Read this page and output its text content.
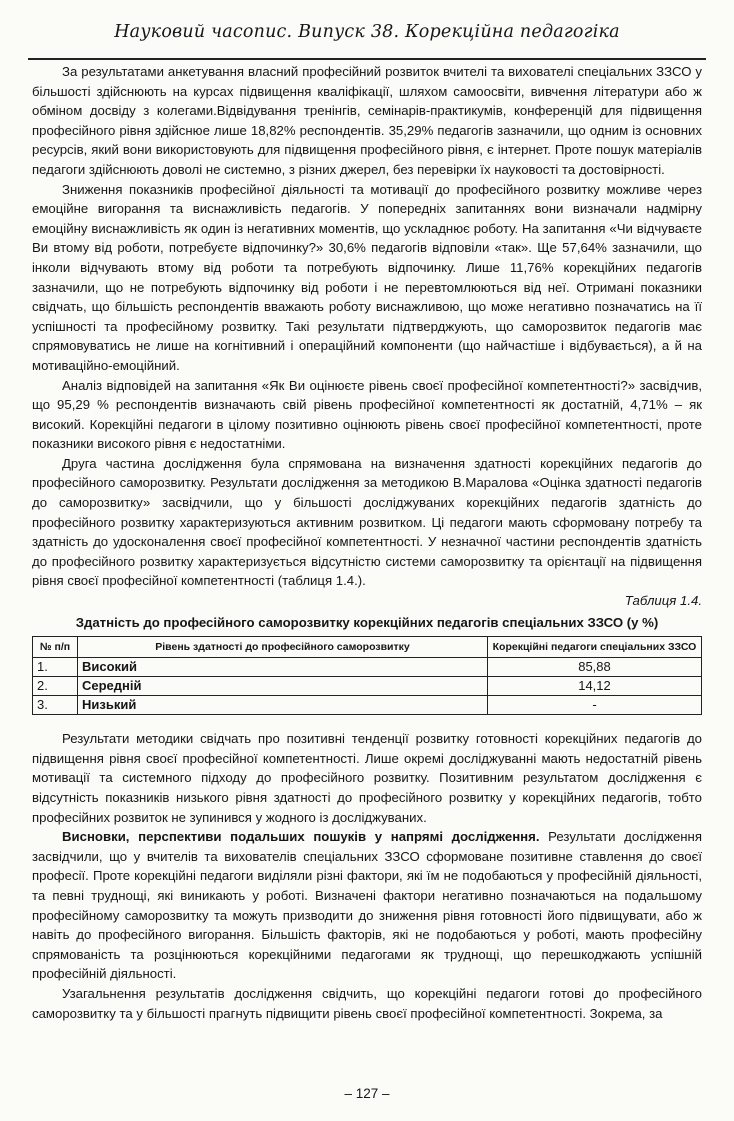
Науковий часопис. Випуск 38. Корекційна педагогіка

За результатами анкетування власний професійний розвиток вчителі та вихователі спеціальних ЗЗСО у більшості здійснюють на курсах підвищення кваліфікації, шляхом самоосвіти, вивчення літератури або ж обміном досвіду з колегами.Відвідування тренінгів, семінарів-практикумів, конференцій для підвищення професійного рівня здійснюе лише 18,82% респондентів. 35,29% педагогів зазначили, що одним із основних ресурсів, який вони використовують для підвищення професійного рівня, є інтернет. Проте пошук матеріалів педагоги здійснюють доволі не системно, з різних джерел, без перевірки їх науковості та достовірності.

Зниження показників професійної діяльності та мотивації до професійного розвитку можливе через емоційне вигорання та виснажливість педагогів. У попередніх запитаннях вони визначали надмірну емоційну виснажливість як один із негативних моментів, що ускладнює роботу. На запитання «Чи відчуваєте Ви втому від роботи, потребуєте відпочинку?» 30,6% педагогів відповіли «так». Ще 57,64% зазначили, що інколи відчувають втому від роботи та потребують відпочинку. Лише 11,76% корекційних педагогів зазначили, що не потребують відпочинку від роботи і не перевтомлюються від неї. Отримані показники свідчать, що більшість респондентів вважають роботу виснажливою, що може негативно позначатись на її успішності та професійному розвитку. Такі результати підтверджують, що саморозвиток педагогів має спрямовуватись не лише на когнітивний і операційний компоненти (що найчастіше і відбувається), а й на мотиваційно-емоційний.

Аналіз відповідей на запитання «Як Ви оцінюєте рівень своєї професійної компетентності?» засвідчив, що 95,29 % респондентів визначають свій рівень професійної компетентності як достатній, 4,71% – як високий. Корекційні педагоги в цілому позитивно оцінюють рівень своєї професійної компетентності, проте показники високого рівня є недостатніми.

Друга частина дослідження була спрямована на визначення здатності корекційних педагогів до професійного саморозвитку. Результати дослідження за методикою В.Маралова «Оцінка здатності педагогів до саморозвитку» засвідчили, що у більшості досліджуваних корекційних педагогів здатність до професійного розвитку характеризуються активним розвитком. Ці педагоги мають сформовану потребу та здатність до удосконалення своєї професійної компетентності. У незначної частини респондентів здатність до професійного розвитку характеризується відсутністю системи саморозвитку та орієнтації на підвищення рівня своєї професійної компетентності (таблиця 1.4.).

Таблиця 1.4.
Здатність до професійного саморозвитку корекційних педагогів спеціальних ЗЗСО (у %)
№ п/п	Рівень здатності до професійного саморозвитку	Корекційні педагоги спеціальних ЗЗСО
1.	Високий	85,88
2.	Середній	14,12
3.	Низький	-

Результати методики свідчать про позитивні тенденції розвитку готовності корекційних педагогів до підвищення рівня своєї професійної компетентності. Лише окремі досліджуванні мають недостатній рівень мотивації та системного підходу до професійного розвитку. Позитивним результатом дослідження є відсутність показників низького рівня здатності до професійного розвитку у корекційних педагогів, тобто професійних розвиток не зупинився у жодного із досліджуваних.

Висновки, перспективи подальших пошуків у напрямі дослідження. Результати дослідження засвідчили, що у вчителів та вихователів спеціальних ЗЗСО сформоване позитивне ставлення до своєї професії. Проте корекційні педагоги виділяли різні фактори, які їм не подобаються у професійній діяльності, та певні труднощі, які виникають у роботі. Визначені фактори негативно позначаються на подальшому професійному саморозвитку та можуть призводити до зниження рівня готовності його підвищувати, або ж навіть до професійного вигорання. Більшість факторів, які не подобаються у роботі, мають професійну спрямованість та розцінюються корекційними педагогами як труднощі, що перешкоджають успішній професійній діяльності.

Узагальнення результатів дослідження свідчить, що корекційні педагоги готові до професійного саморозвитку та у більшості прагнуть підвищити рівень своєї професійної компетентності. Зокрема, за

– 127 –
